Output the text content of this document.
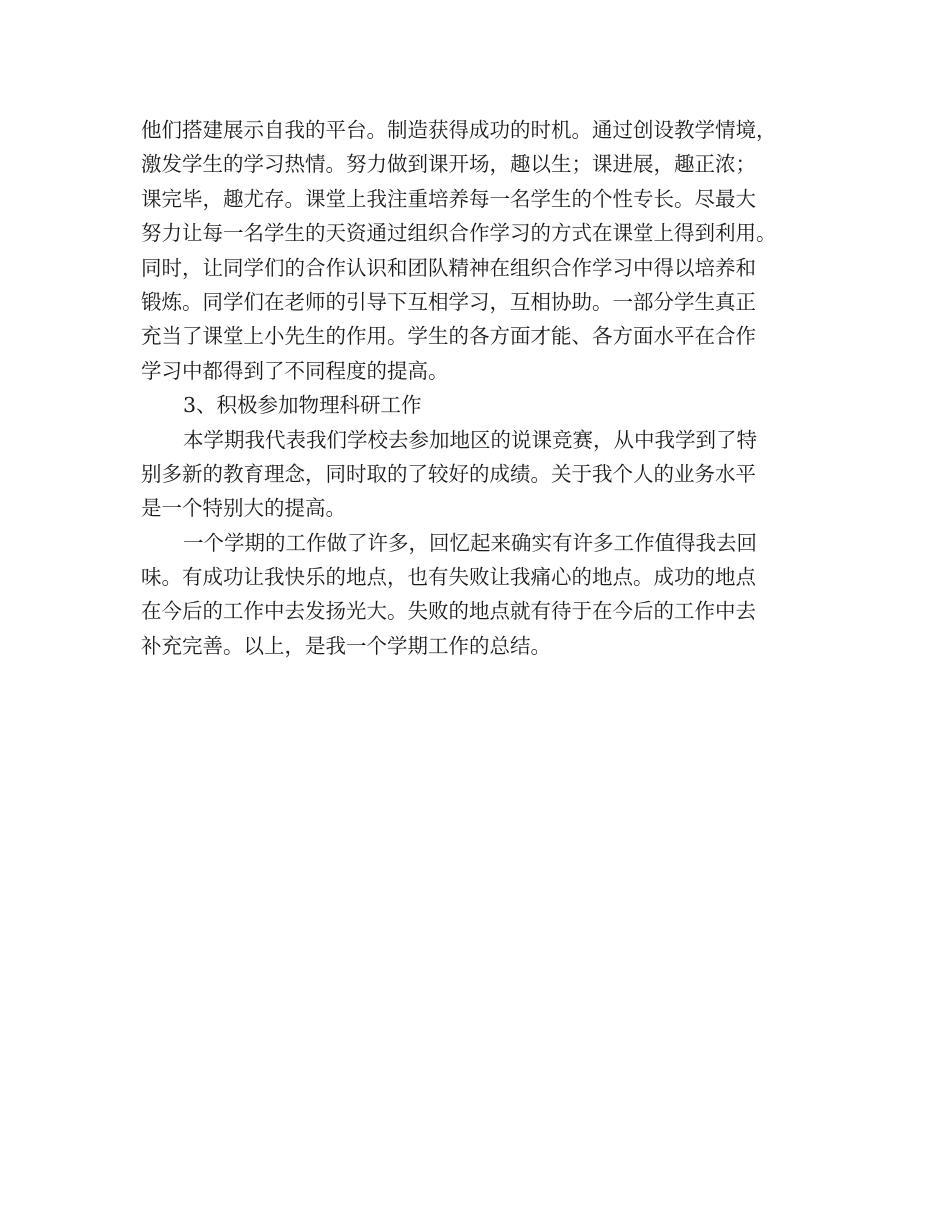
他们搭建展示自我的平台。制造获得成功的时机。通过创设教学情境，
激发学生的学习热情。努力做到课开场，趣以生；课进展，趣正浓；
课完毕，趣尤存。课堂上我注重培养每一名学生的个性专长。尽最大
努力让每一名学生的天资通过组织合作学习的方式在课堂上得到利用。
同时，让同学们的合作认识和团队精神在组织合作学习中得以培养和
锻炼。同学们在老师的引导下互相学习，互相协助。一部分学生真正
充当了课堂上小先生的作用。学生的各方面才能、各方面水平在合作
学习中都得到了不同程度的提高。
3、积极参加物理科研工作
本学期我代表我们学校去参加地区的说课竞赛，从中我学到了特
别多新的教育理念，同时取的了较好的成绩。关于我个人的业务水平
是一个特别大的提高。
一个学期的工作做了许多，回忆起来确实有许多工作值得我去回
味。有成功让我快乐的地点，也有失败让我痛心的地点。成功的地点
在今后的工作中去发扬光大。失败的地点就有待于在今后的工作中去
补充完善。以上，是我一个学期工作的总结。
